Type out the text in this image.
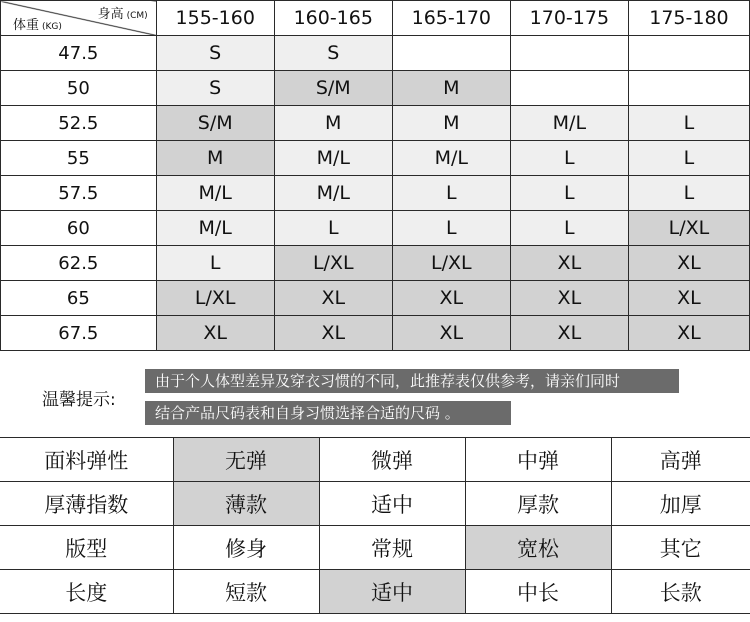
身高 (CM)
体重 (KG)	155-160	160-165	165-170	170-175	175-180
47.5	S	S			
50	S	S/M	M		
52.5	S/M	M	M	M/L	L
55	M	M/L	M/L	L	L
57.5	M/L	M/L	L	L	L
60	M/L	L	L	L	L/XL
62.5	L	L/XL	L/XL	XL	XL
65	L/XL	XL	XL	XL	XL
67.5	XL	XL	XL	XL	XL
温馨提示:
由于个人体型差异及穿衣习惯的不同，此推荐表仅供参考，请亲们同时
结合产品尺码表和自身习惯选择合适的尺码 。
面料弹性	无弹	微弹	中弹	高弹
厚薄指数	薄款	适中	厚款	加厚
版型	修身	常规	宽松	其它
长度	短款	适中	中长	长款
